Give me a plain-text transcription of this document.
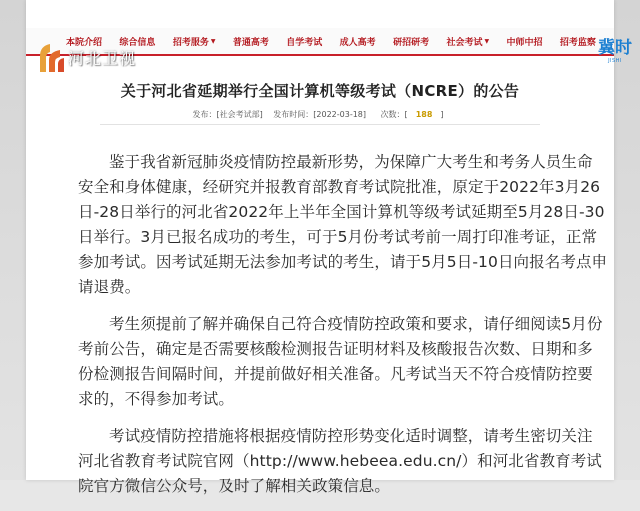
本院介绍 综合信息 招考服务 ▼ 普通高考 自学考试 成人高考 研招研考 社会考试 ▼ 中师中招 招考监察
河北卫视	冀时
JISHI
关于河北省延期举行全国计算机等级考试（NCRE）的公告
发布：[社会考试部] 发布时间：[2022-03-18] 次数：[ 188 ]

鉴于我省新冠肺炎疫情防控最新形势，为保障广大考生和考务人员生命安全和身体健康，经研究并报教育部教育考试院批准，原定于2022年3月26日-28日举行的河北省2022年上半年全国计算机等级考试延期至5月28日-30日举行。3月已报名成功的考生，可于5月份考试考前一周打印准考证，正常参加考试。因考试延期无法参加考试的考生，请于5月5日-10日向报名考点申请退费。

考生须提前了解并确保自己符合疫情防控政策和要求，请仔细阅读5月份考前公告，确定是否需要核酸检测报告证明材料及核酸报告次数、日期和多份检测报告间隔时间，并提前做好相关准备。凡考试当天不符合疫情防控要求的，不得参加考试。

考试疫情防控措施将根据疫情防控形势变化适时调整，请考生密切关注河北省教育考试院官网（http://www.hebeea.edu.cn/）和河北省教育考试院官方微信公众号，及时了解相关政策信息。
